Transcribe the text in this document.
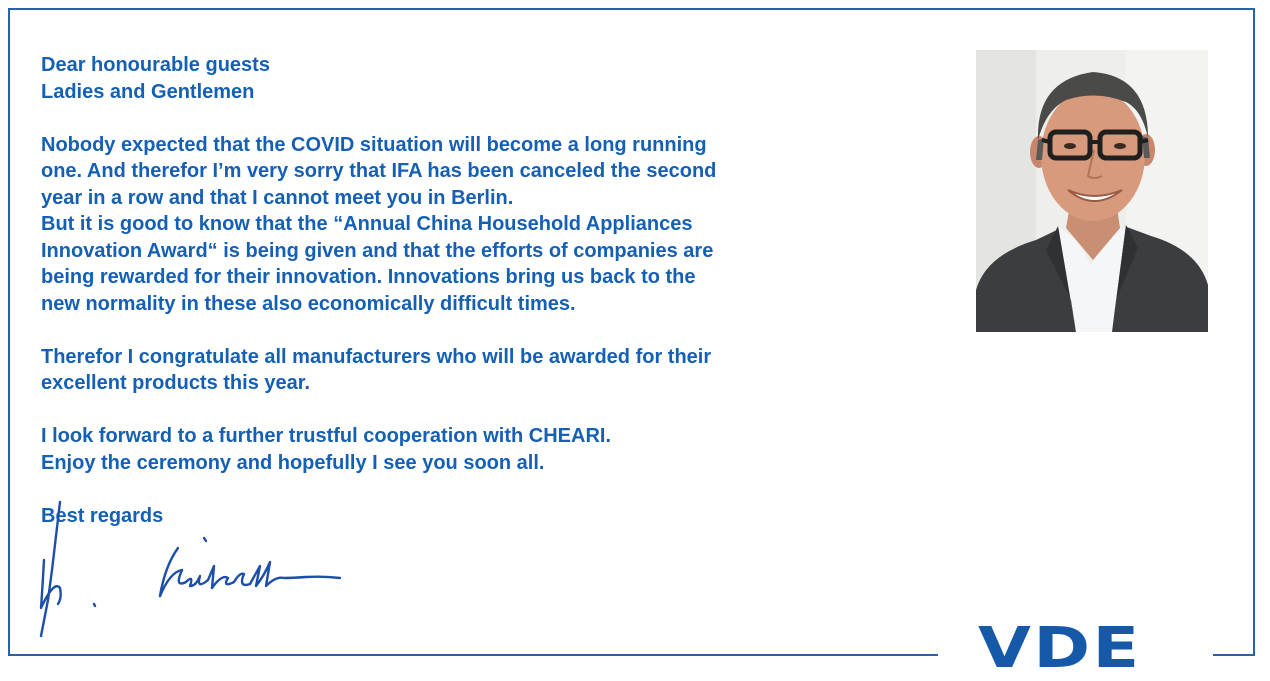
Dear honourable guests
Ladies and Gentlemen

Nobody expected that the COVID situation will become a long running
one. And therefor I’m very sorry that IFA has been canceled the second
year in a row and that I cannot meet you in Berlin.
But it is good to know that the “Annual China Household Appliances
Innovation Award“ is being given and that the efforts of companies are
being rewarded for their innovation. Innovations bring us back to the
new normality in these also economically difficult times.

Therefor I congratulate all manufacturers who will be awarded for their
excellent products this year.

I look forward to a further trustful cooperation with CHEARI.
Enjoy the ceremony and hopefully I see you soon all.

Best regards

VDE
